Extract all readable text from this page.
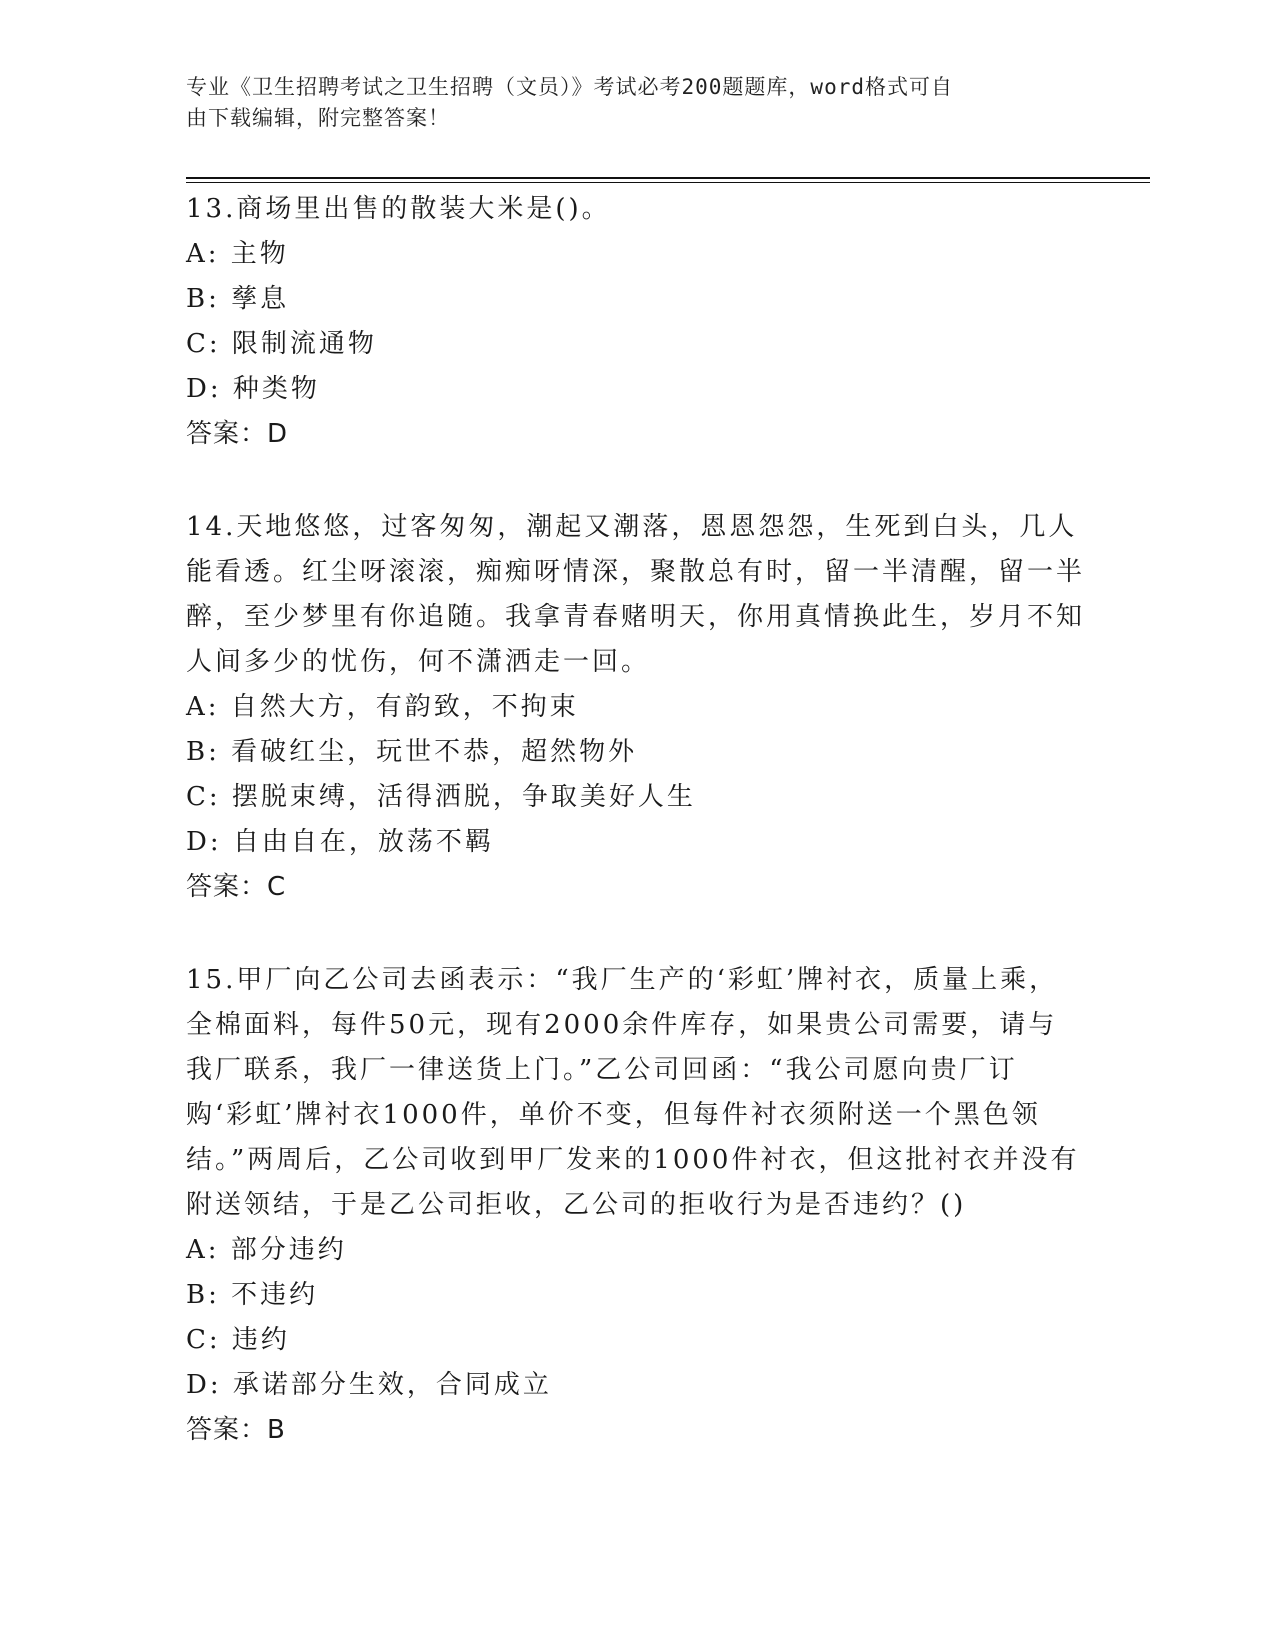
专业《卫生招聘考试之卫生招聘（文员）》考试必考200题题库，word格式可自
由下载编辑，附完整答案！

13.商场里出售的散装大米是()。

A: 主物

B: 孳息

C: 限制流通物

D: 种类物

答案：D

14.天地悠悠，过客匆匆，潮起又潮落，恩恩怨怨，生死到白头，几人能看透。红尘呀滚滚，痴痴呀情深，聚散总有时，留一半清醒，留一半醉，至少梦里有你追随。我拿青春赌明天，你用真情换此生，岁月不知人间多少的忧伤，何不潇洒走一回。

A: 自然大方，有韵致，不拘束

B: 看破红尘，玩世不恭，超然物外

C: 摆脱束缚，活得洒脱，争取美好人生

D: 自由自在，放荡不羁

答案：C

15.甲厂向乙公司去函表示：“我厂生产的‘彩虹’牌衬衣，质量上乘，全棉面料，每件50元，现有2000余件库存，如果贵公司需要，请与我厂联系，我厂一律送货上门。”乙公司回函：“我公司愿向贵厂订购‘彩虹’牌衬衣1000件，单价不变，但每件衬衣须附送一个黑色领结。”两周后，乙公司收到甲厂发来的1000件衬衣，但这批衬衣并没有附送领结，于是乙公司拒收，乙公司的拒收行为是否违约？()

A: 部分违约

B: 不违约

C: 违约

D: 承诺部分生效，合同成立

答案：B
